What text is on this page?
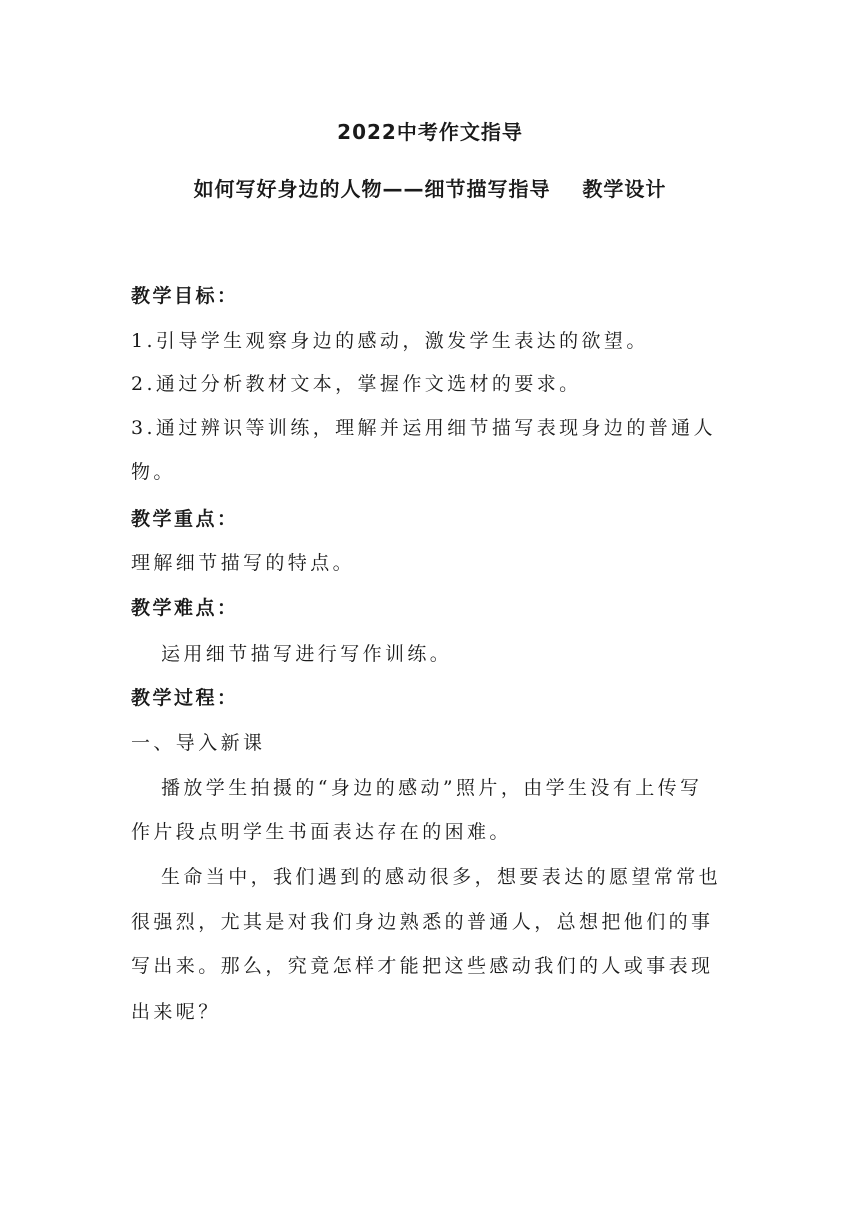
2022中考作文指导
如何写好身边的人物——细节描写指导    教学设计
教学目标：
1.引导学生观察身边的感动，激发学生表达的欲望。
2.通过分析教材文本，掌握作文选材的要求。
3.通过辨识等训练，理解并运用细节描写表现身边的普通人
物。
教学重点：
理解细节描写的特点。
教学难点：
运用细节描写进行写作训练。
教学过程：
一、导入新课
播放学生拍摄的“身边的感动”照片，由学生没有上传写
作片段点明学生书面表达存在的困难。
生命当中，我们遇到的感动很多，想要表达的愿望常常也
很强烈，尤其是对我们身边熟悉的普通人，总想把他们的事
写出来。那么，究竟怎样才能把这些感动我们的人或事表现
出来呢？
